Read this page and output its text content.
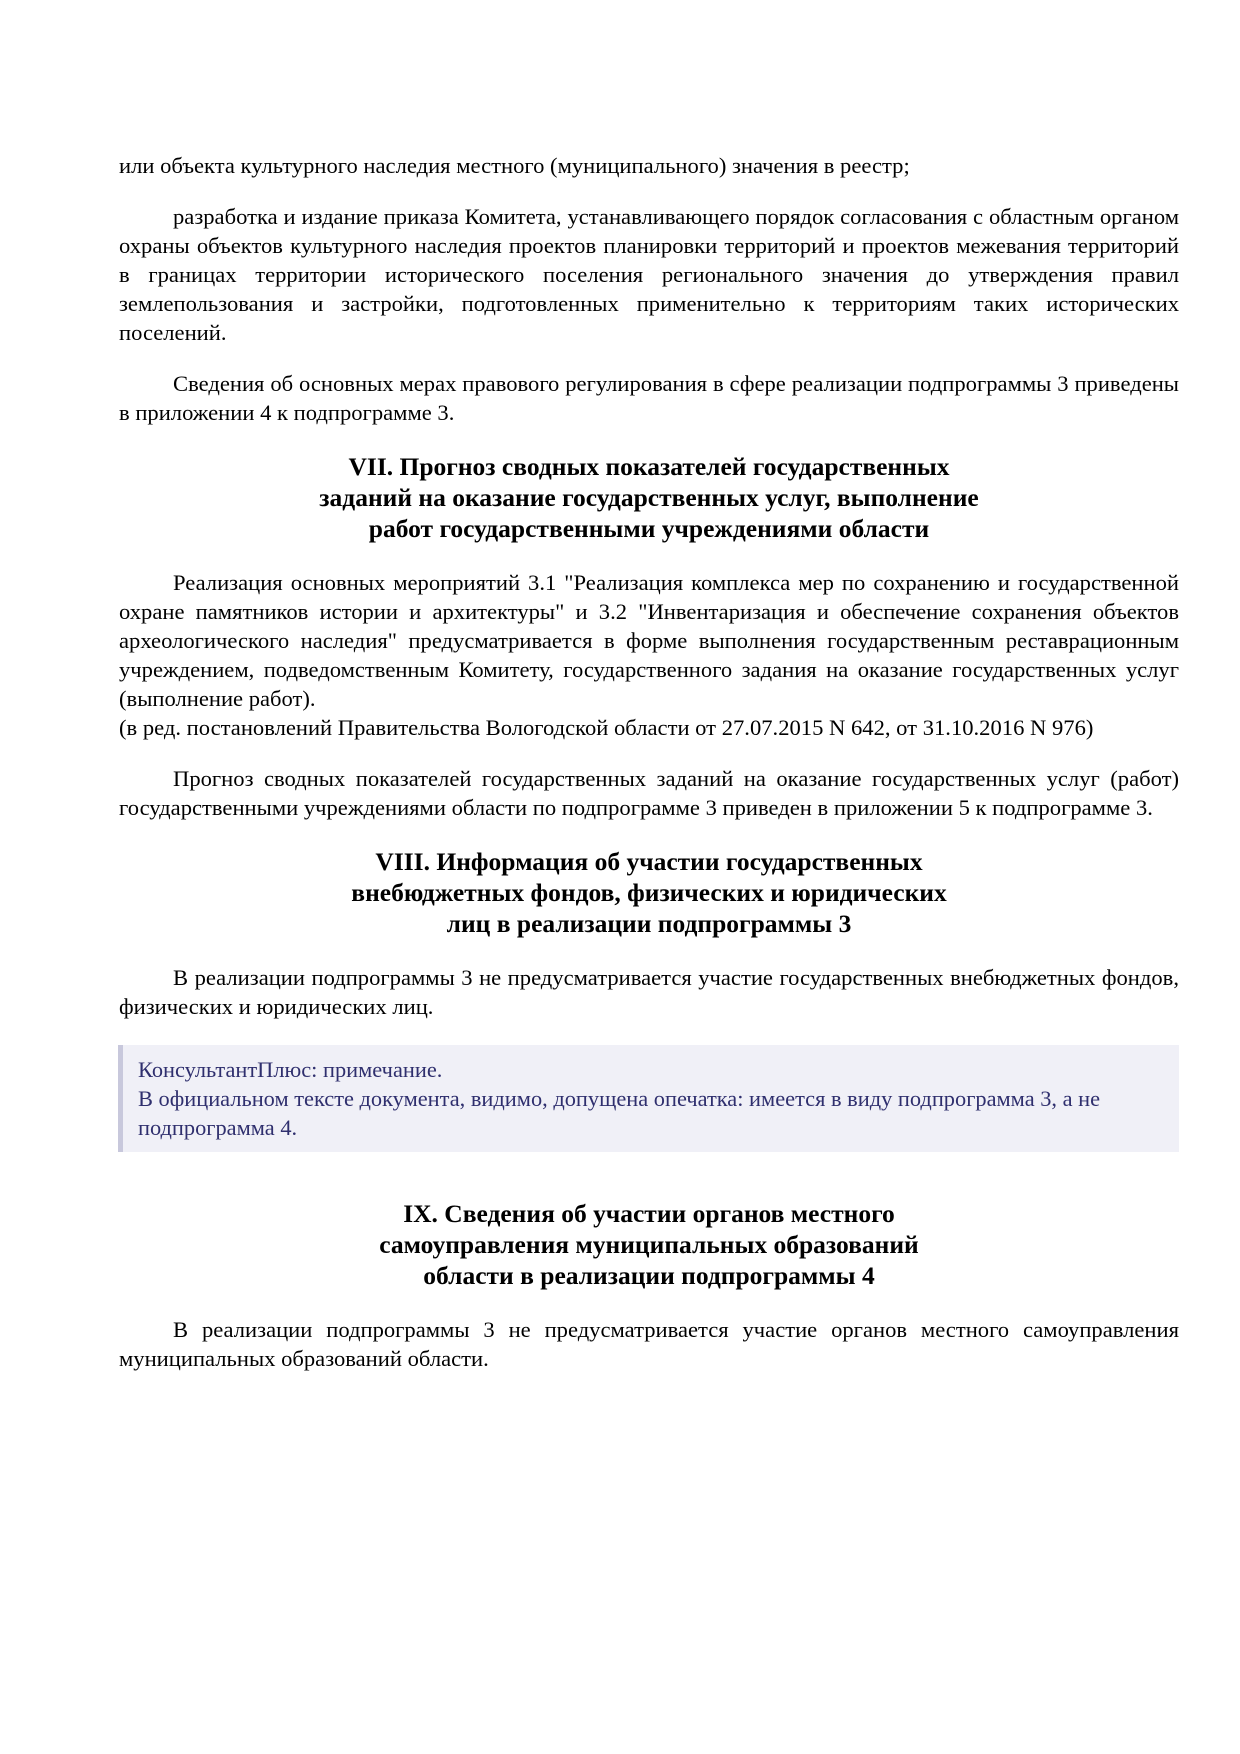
или объекта культурного наследия местного (муниципального) значения в реестр;

разработка и издание приказа Комитета, устанавливающего порядок согласования с областным органом охраны объектов культурного наследия проектов планировки территорий и проектов межевания территорий в границах территории исторического поселения регионального значения до утверждения правил землепользования и застройки, подготовленных применительно к территориям таких исторических поселений.

Сведения об основных мерах правового регулирования в сфере реализации подпрограммы 3 приведены в приложении 4 к подпрограмме 3.

VII. Прогноз сводных показателей государственных
заданий на оказание государственных услуг, выполнение
работ государственными учреждениями области

Реализация основных мероприятий 3.1 "Реализация комплекса мер по сохранению и государственной охране памятников истории и архитектуры" и 3.2 "Инвентаризация и обеспечение сохранения объектов археологического наследия" предусматривается в форме выполнения государственным реставрационным учреждением, подведомственным Комитету, государственного задания на оказание государственных услуг (выполнение работ).

(в ред. постановлений Правительства Вологодской области от 27.07.2015 N 642, от 31.10.2016 N 976)

Прогноз сводных показателей государственных заданий на оказание государственных услуг (работ) государственными учреждениями области по подпрограмме 3 приведен в приложении 5 к подпрограмме 3.

VIII. Информация об участии государственных
внебюджетных фондов, физических и юридических
лиц в реализации подпрограммы 3

В реализации подпрограммы 3 не предусматривается участие государственных внебюджетных фондов, физических и юридических лиц.

КонсультантПлюс: примечание.
В официальном тексте документа, видимо, допущена опечатка: имеется в виду подпрограмма 3, а не подпрограмма 4.
IX. Сведения об участии органов местного
самоуправления муниципальных образований
области в реализации подпрограммы 4

В реализации подпрограммы 3 не предусматривается участие органов местного самоуправления муниципальных образований области.
